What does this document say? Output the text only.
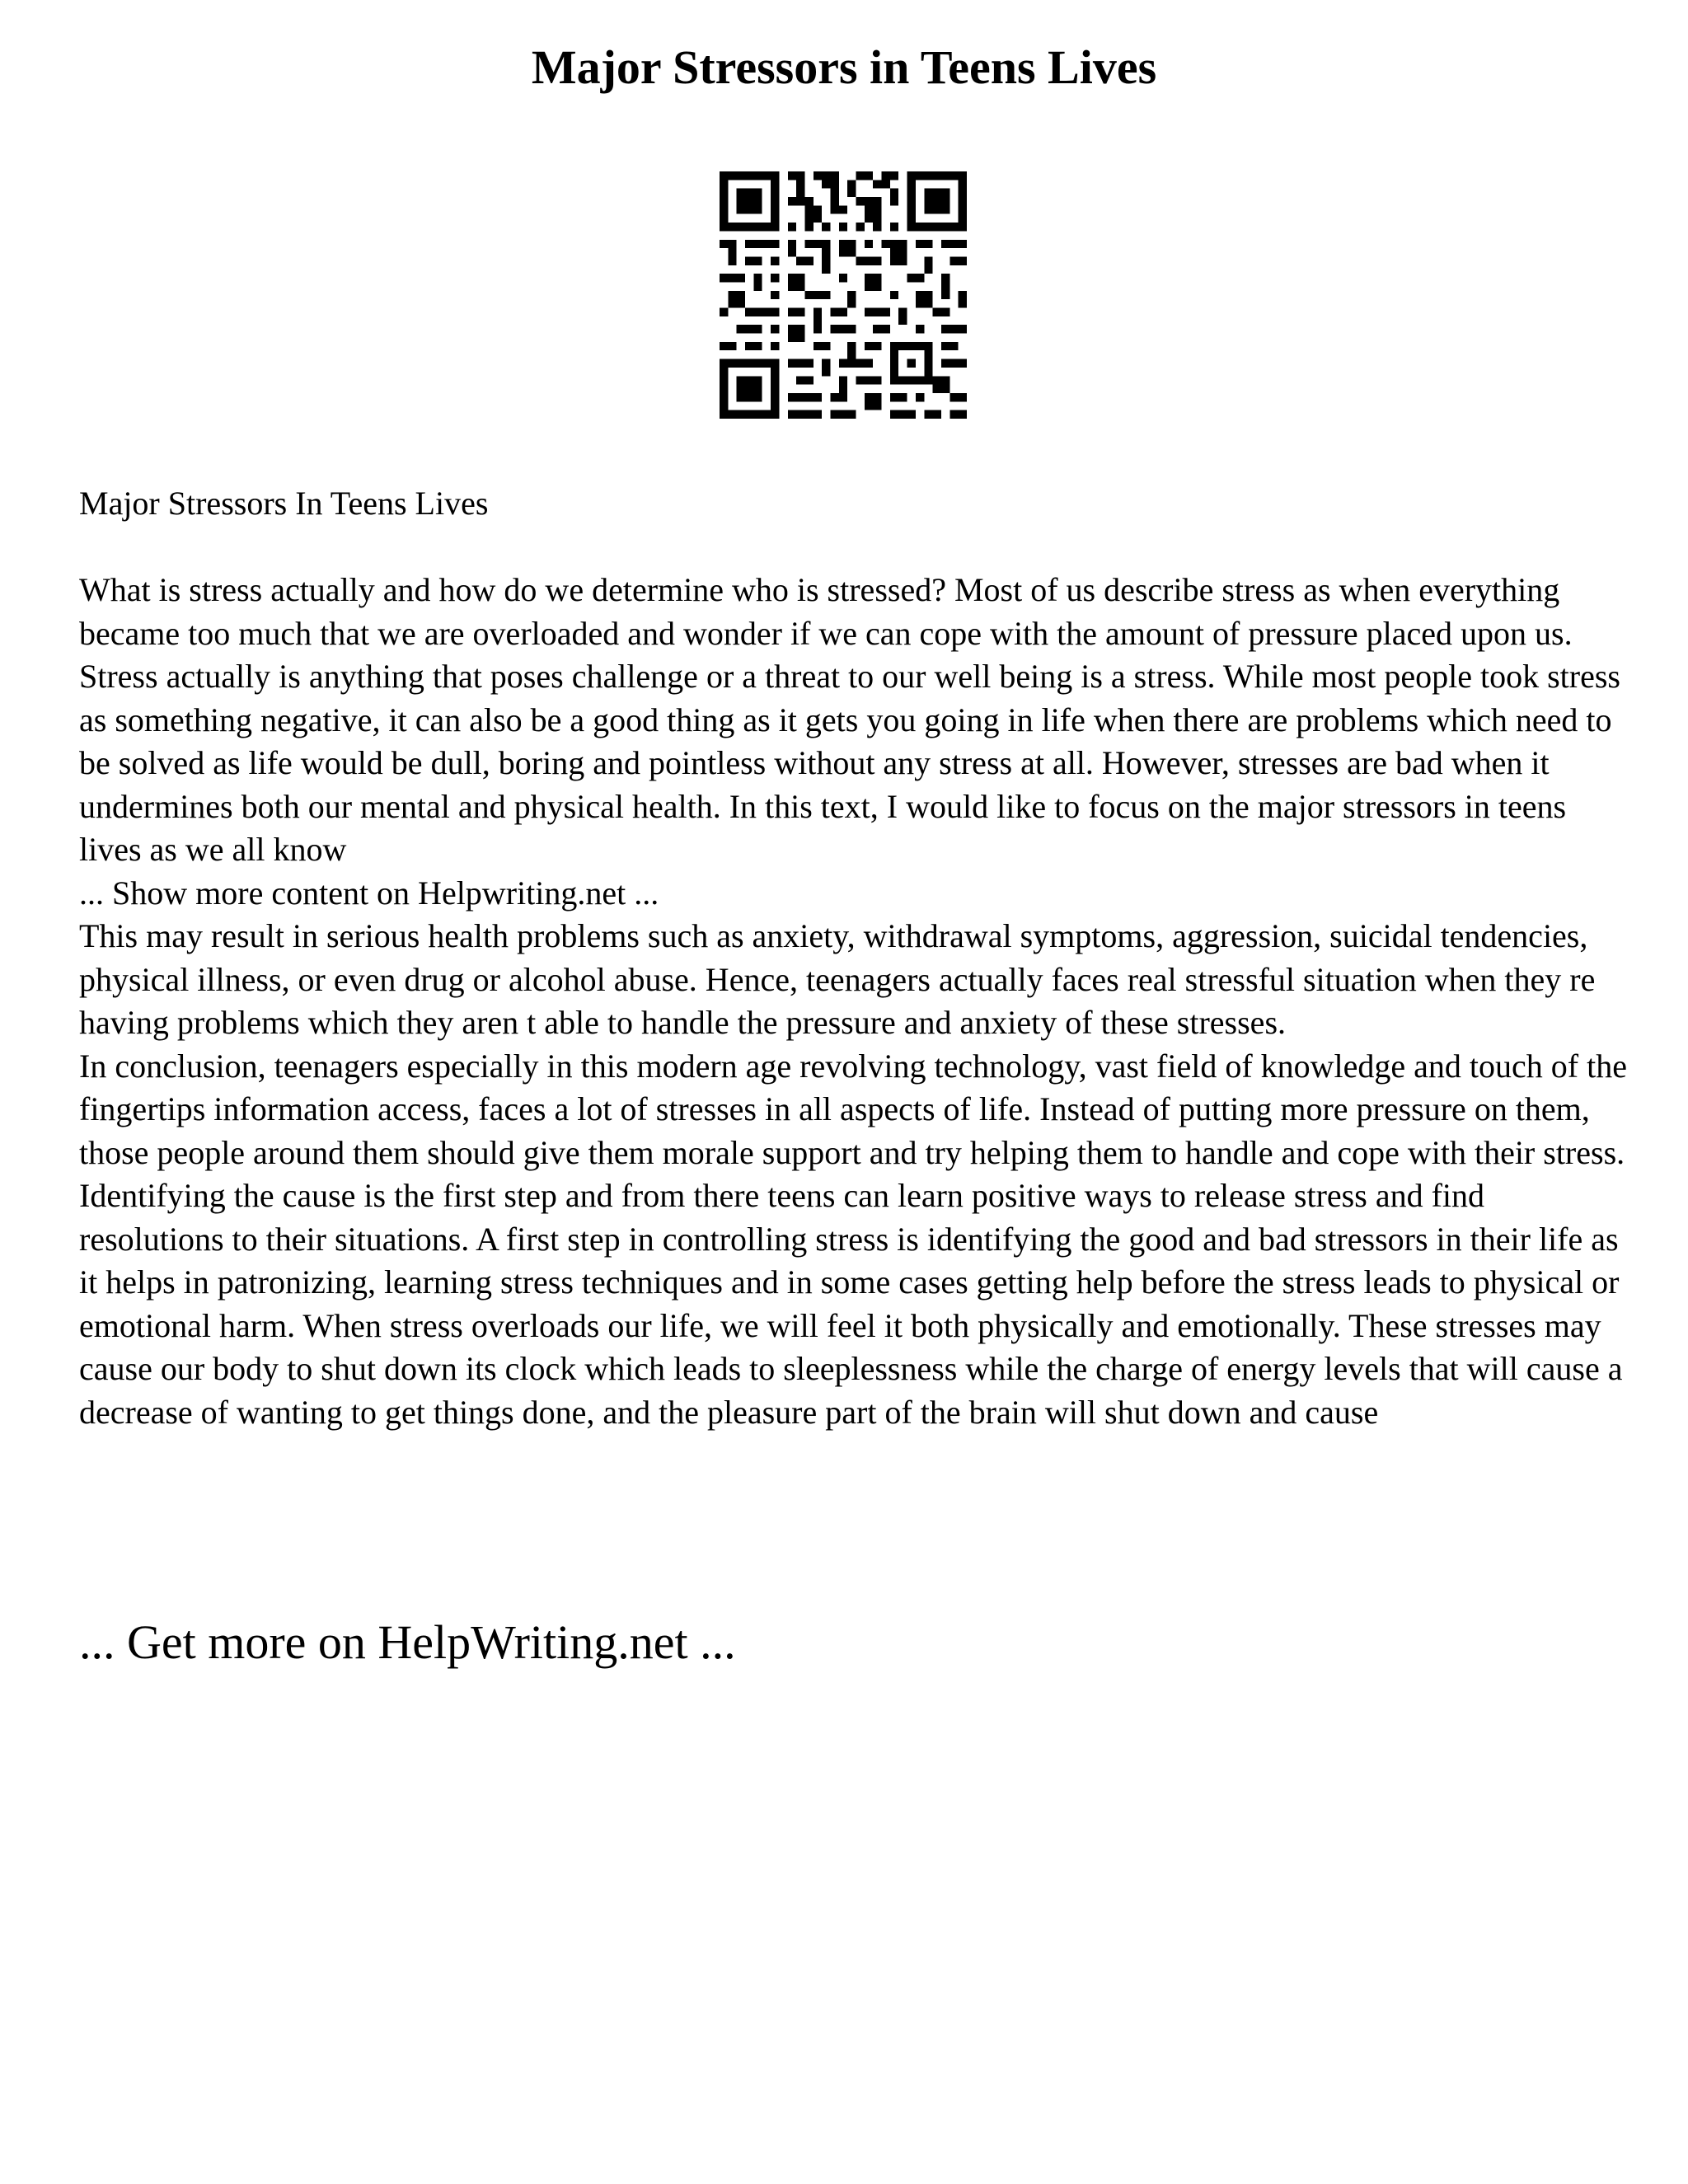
Major Stressors in Teens Lives

Major Stressors In Teens Lives

What is stress actually and how do we determine who is stressed? Most of us describe stress as when everything became too much that we are overloaded and wonder if we can cope with the amount of pressure placed upon us. Stress actually is anything that poses challenge or a threat to our well being is a stress. While most people took stress as something negative, it can also be a good thing as it gets you going in life when there are problems which need to be solved as life would be dull, boring and pointless without any stress at all. However, stresses are bad when it undermines both our mental and physical health. In this text, I would like to focus on the major stressors in teens lives as we all know

... Show more content on Helpwriting.net ...

This may result in serious health problems such as anxiety, withdrawal symptoms, aggression, suicidal tendencies, physical illness, or even drug or alcohol abuse. Hence, teenagers actually faces real stressful situation when they re having problems which they aren t able to handle the pressure and anxiety of these stresses.

In conclusion, teenagers especially in this modern age revolving technology, vast field of knowledge and touch of the fingertips information access, faces a lot of stresses in all aspects of life. Instead of putting more pressure on them, those people around them should give them morale support and try helping them to handle and cope with their stress. Identifying the cause is the first step and from there teens can learn positive ways to release stress and find resolutions to their situations. A first step in controlling stress is identifying the good and bad stressors in their life as it helps in patronizing, learning stress techniques and in some cases getting help before the stress leads to physical or emotional harm. When stress overloads our life, we will feel it both physically and emotionally. These stresses may cause our body to shut down its clock which leads to sleeplessness while the charge of energy levels that will cause a decrease of wanting to get things done, and the pleasure part of the brain will shut down and cause

... Get more on HelpWriting.net ...
